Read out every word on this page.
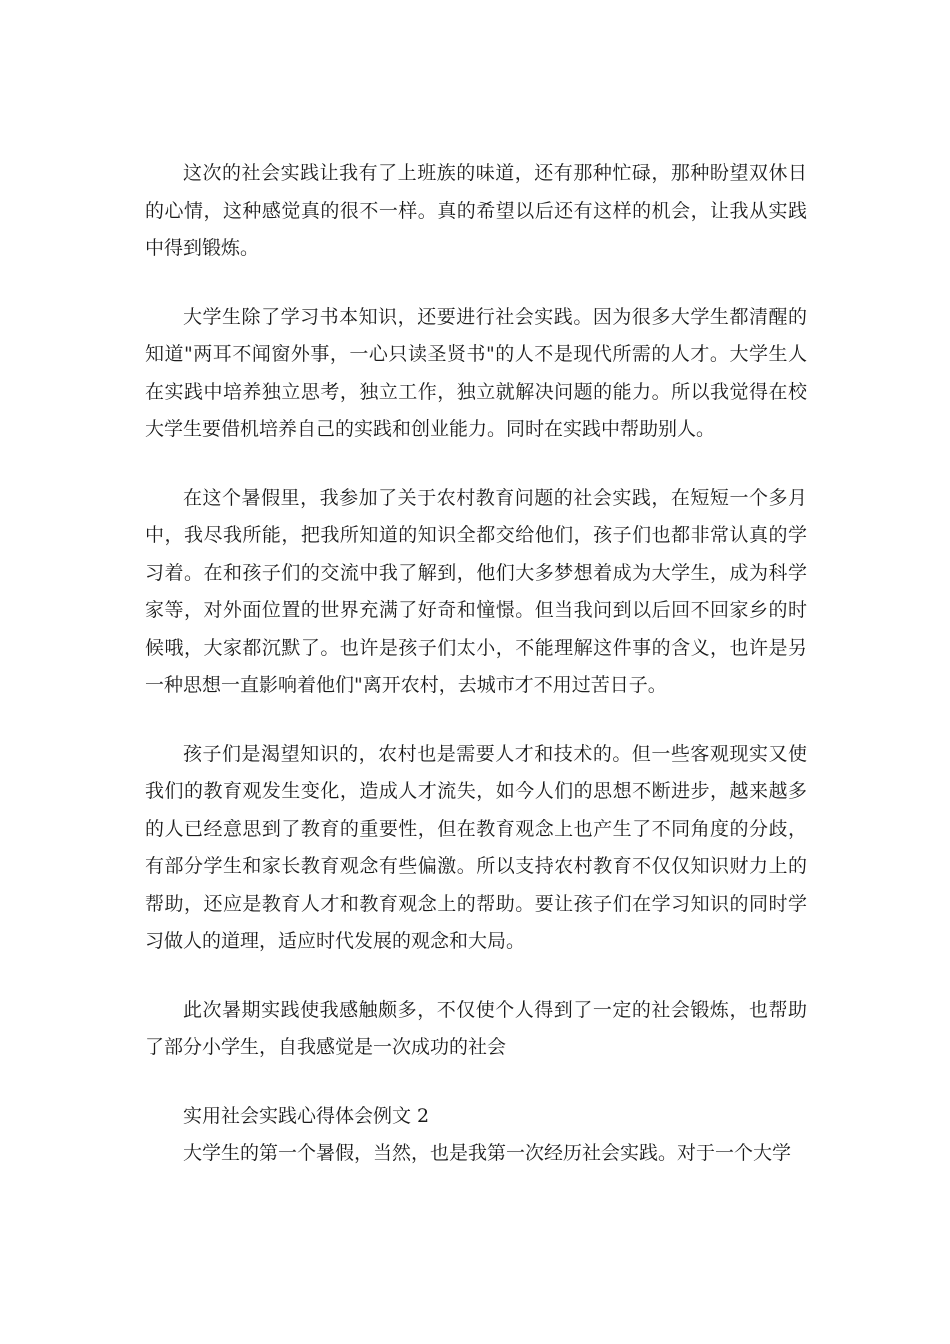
这次的社会实践让我有了上班族的味道，还有那种忙碌，那种盼望双休日的心情，这种感觉真的很不一样。真的希望以后还有这样的机会，让我从实践中得到锻炼。

大学生除了学习书本知识，还要进行社会实践。因为很多大学生都清醒的知道"两耳不闻窗外事，一心只读圣贤书"的人不是现代所需的人才。大学生人在实践中培养独立思考，独立工作，独立就解决问题的能力。所以我觉得在校大学生要借机培养自己的实践和创业能力。同时在实践中帮助别人。

在这个暑假里，我参加了关于农村教育问题的社会实践，在短短一个多月中，我尽我所能，把我所知道的知识全都交给他们，孩子们也都非常认真的学习着。在和孩子们的交流中我了解到，他们大多梦想着成为大学生，成为科学家等，对外面位置的世界充满了好奇和憧憬。但当我问到以后回不回家乡的时候哦，大家都沉默了。也许是孩子们太小，不能理解这件事的含义，也许是另一种思想一直影响着他们"离开农村，去城市才不用过苦日子。

孩子们是渴望知识的，农村也是需要人才和技术的。但一些客观现实又使我们的教育观发生变化，造成人才流失，如今人们的思想不断进步，越来越多的人已经意思到了教育的重要性，但在教育观念上也产生了不同角度的分歧，有部分学生和家长教育观念有些偏激。所以支持农村教育不仅仅知识财力上的帮助，还应是教育人才和教育观念上的帮助。要让孩子们在学习知识的同时学习做人的道理，适应时代发展的观念和大局。

此次暑期实践使我感触颇多，不仅使个人得到了一定的社会锻炼，也帮助了部分小学生，自我感觉是一次成功的社会

实用社会实践心得体会例文 2

大学生的第一个暑假，当然，也是我第一次经历社会实践。对于一个大学
